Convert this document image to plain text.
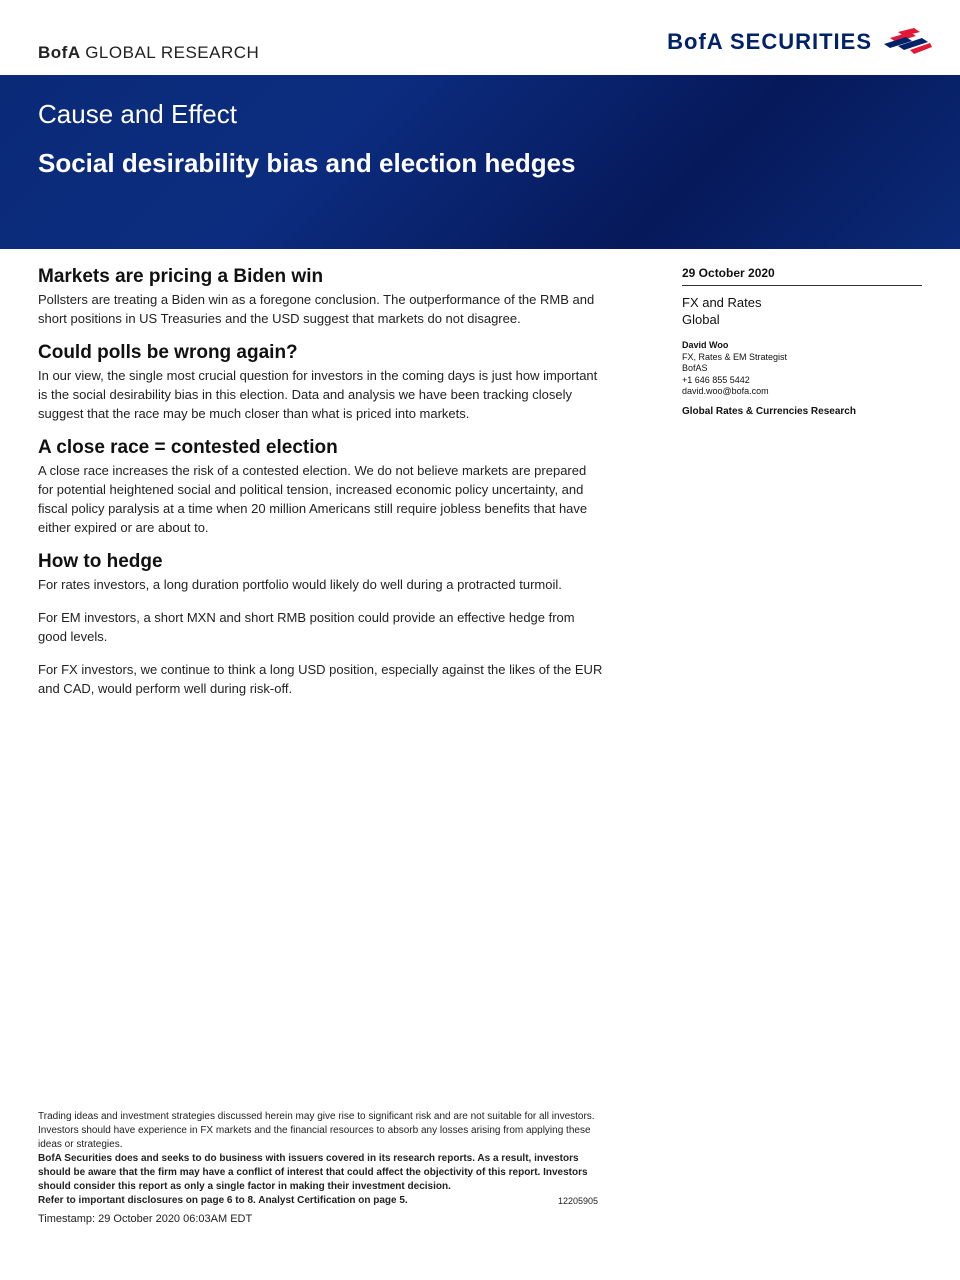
BofA GLOBAL RESEARCH	BofA SECURITIES
Cause and Effect
Social desirability bias and election hedges
Markets are pricing a Biden win

Pollsters are treating a Biden win as a foregone conclusion. The outperformance of the RMB and short positions in US Treasuries and the USD suggest that markets do not disagree.

Could polls be wrong again?

In our view, the single most crucial question for investors in the coming days is just how important is the social desirability bias in this election. Data and analysis we have been tracking closely suggest that the race may be much closer than what is priced into markets.

A close race = contested election

A close race increases the risk of a contested election. We do not believe markets are prepared for potential heightened social and political tension, increased economic policy uncertainty, and fiscal policy paralysis at a time when 20 million Americans still require jobless benefits that have either expired or are about to.

How to hedge

For rates investors, a long duration portfolio would likely do well during a protracted turmoil.

For EM investors, a short MXN and short RMB position could provide an effective hedge from good levels.

For FX investors, we continue to think a long USD position, especially against the likes of the EUR and CAD, would perform well during risk-off.

29 October 2020
FX and Rates
Global
David Woo
FX, Rates & EM Strategist
BofAS
+1 646 855 5442
david.woo@bofa.com
Global Rates & Currencies Research
Trading ideas and investment strategies discussed herein may give rise to significant risk and are not suitable for all investors. Investors should have experience in FX markets and the financial resources to absorb any losses arising from applying these ideas or strategies.
BofA Securities does and seeks to do business with issuers covered in its research reports. As a result, investors should be aware that the firm may have a conflict of interest that could affect the objectivity of this report. Investors should consider this report as only a single factor in making their investment decision.
Refer to important disclosures on page 6 to 8. Analyst Certification on page 5.	12205905
Timestamp: 29 October 2020 06:03AM EDT
